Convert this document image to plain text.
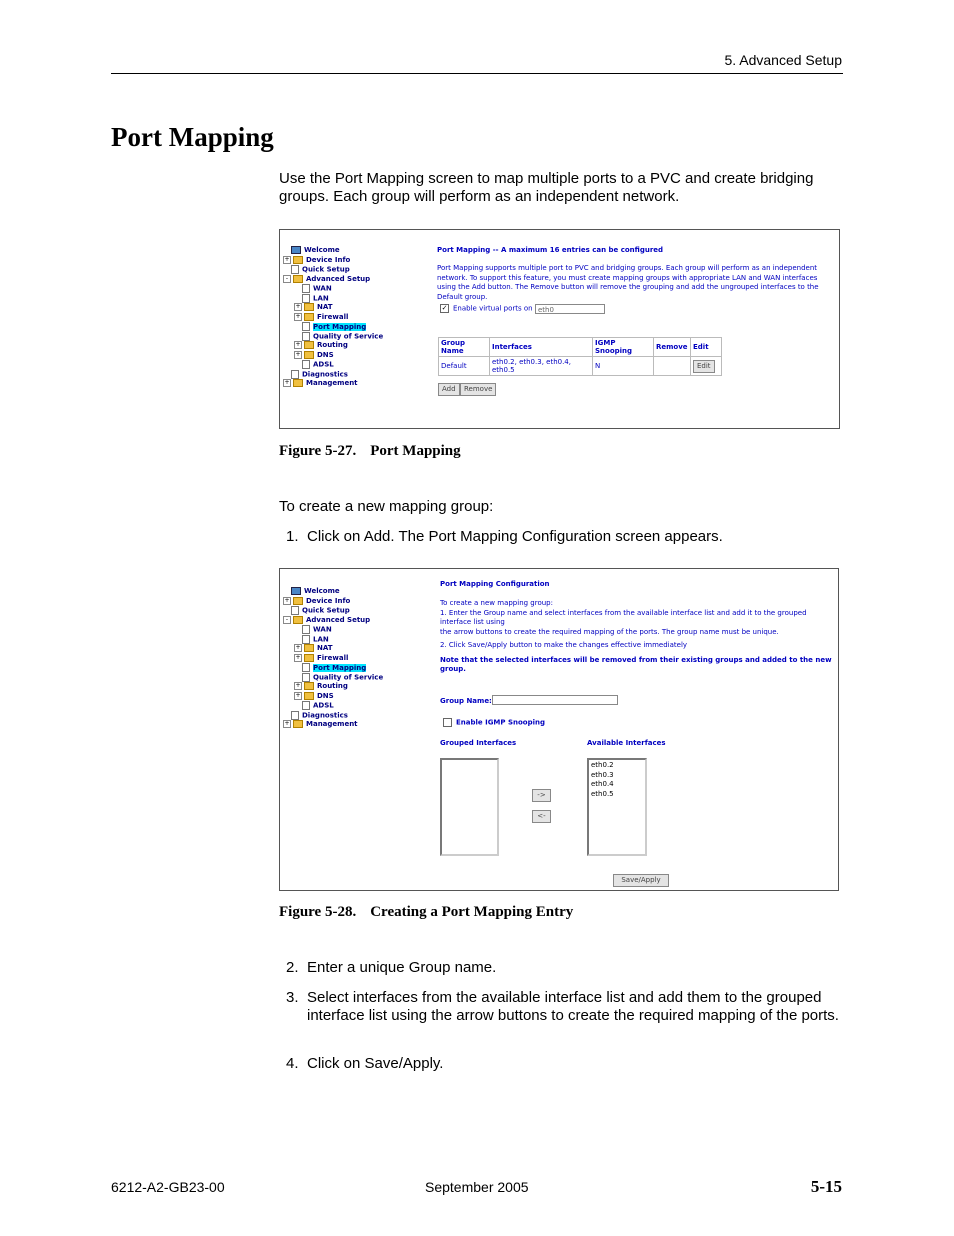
5. Advanced Setup
Port Mapping
Use the Port Mapping screen to map multiple ports to a PVC and create bridging groups. Each group will perform as an independent network.
Welcome
+ Device Info
Quick Setup
-	Advanced Setup
WAN
LAN
+ NAT
+ Firewall
Port Mapping
Quality of Service
+ Routing
+ DNS
ADSL
Diagnostics
+ Management
Port Mapping -- A maximum 16 entries can be configured
Port Mapping supports multiple port to PVC and bridging groups. Each group will perform as an independent network. To support this feature, you must create mapping groups with appropriate LAN and WAN interfaces using the Add button. The Remove button will remove the grouping and add the ungrouped interfaces to the Default group.
✓ Enable virtual ports on eth0
Group Name	Interfaces	IGMP Snooping	Remove	Edit
Default	eth0.2, eth0.3, eth0.4, eth0.5	N		Edit
Add	Remove
Figure 5-27. Port Mapping
To create a new mapping group:
1. Click on Add. The Port Mapping Configuration screen appears.
Welcome
+ Device Info
Quick Setup
-	Advanced Setup
WAN
LAN
+ NAT
+ Firewall
Port Mapping
Quality of Service
+ Routing
+ DNS
ADSL
Diagnostics
+ Management
Port Mapping Configuration
To create a new mapping group:
1. Enter the Group name and select interfaces from the available interface list and add it to the grouped interface list using
the arrow buttons to create the required mapping of the ports. The group name must be unique.
2. Click Save/Apply button to make the changes effective immediately
Note that the selected interfaces will be removed from their existing groups and added to the new group.
Group Name:
Enable IGMP Snooping
Grouped Interfaces	Available Interfaces
eth0.2
eth0.3
eth0.4
eth0.5
->
<-
Save/Apply
Figure 5-28. Creating a Port Mapping Entry
2. Enter a unique Group name.
3. Select interfaces from the available interface list and add them to the grouped interface list using the arrow buttons to create the required mapping of the ports.
4. Click on Save/Apply.
6212-A2-GB23-00	September 2005	5-15
